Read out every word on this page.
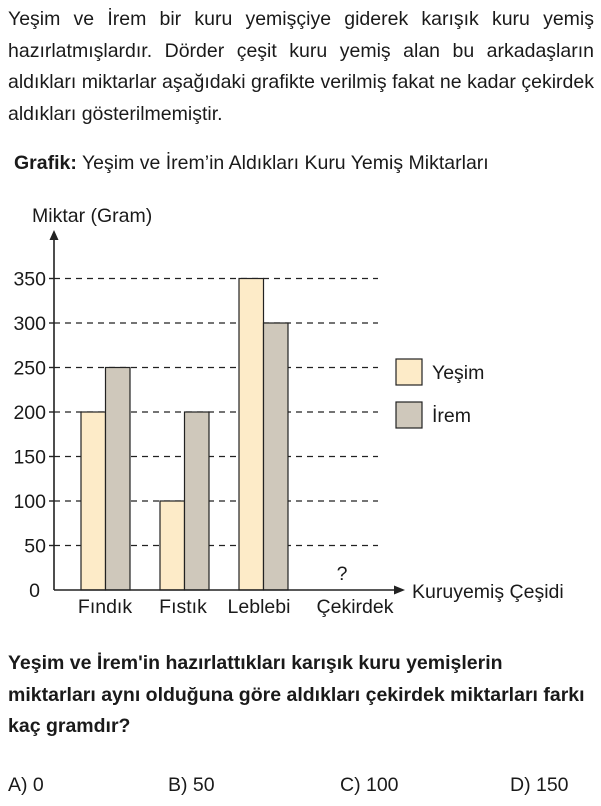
Yeşim ve İrem bir kuru yemişçiye giderek karışık kuru yemiş hazırlatmışlardır. Dörder çeşit kuru yemiş alan bu arkadaşların aldıkları miktarlar aşağıdaki grafikte verilmiş fakat ne kadar çekirdek aldıkları gösterilmemiştir.
Grafik: Yeşim ve İrem’in Aldıkları Kuru Yemiş Miktarları
Miktar (Gram)
Kuruyemiş Çeşidi
?
0
50
100
150
200
250
300
350
Fındık Fıstık Leblebi Çekirdek
Yeşim
İrem
Yeşim ve İrem'in hazırlattıkları karışık kuru yemişlerin miktarları aynı olduğuna göre aldıkları çekirdek miktarları farkı kaç gramdır?
A) 0	B) 50	C) 100	D) 150
